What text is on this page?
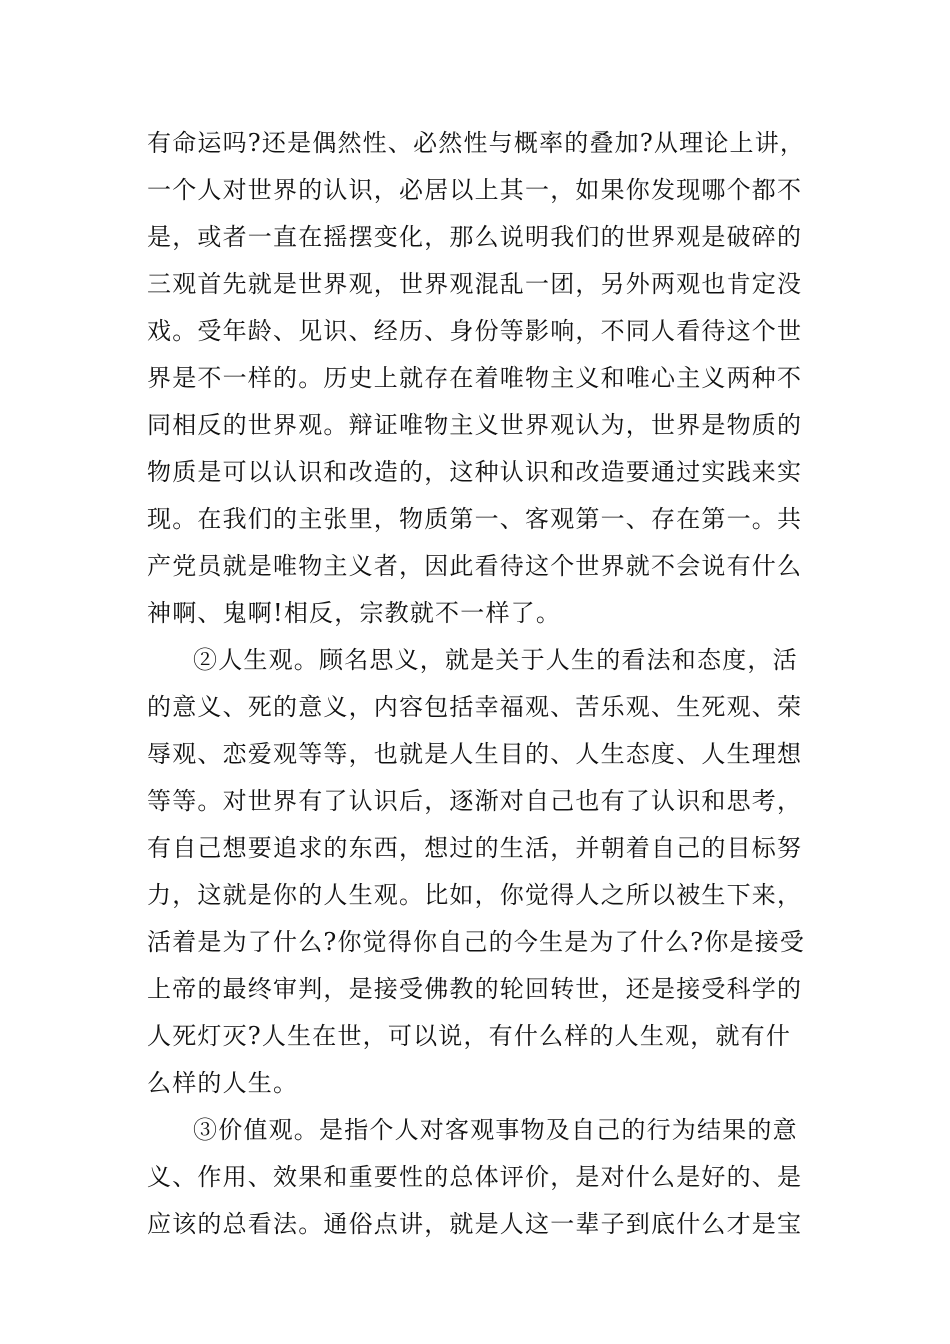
有命运吗?还是偶然性、必然性与概率的叠加?从理论上讲，
一个人对世界的认识，必居以上其一，如果你发现哪个都不
是，或者一直在摇摆变化，那么说明我们的世界观是破碎的
三观首先就是世界观，世界观混乱一团，另外两观也肯定没
戏。受年龄、见识、经历、身份等影响，不同人看待这个世
界是不一样的。历史上就存在着唯物主义和唯心主义两种不
同相反的世界观。辩证唯物主义世界观认为，世界是物质的
物质是可以认识和改造的，这种认识和改造要通过实践来实
现。在我们的主张里，物质第一、客观第一、存在第一。共
产党员就是唯物主义者，因此看待这个世界就不会说有什么
神啊、鬼啊!相反，宗教就不一样了。
②人生观。顾名思义，就是关于人生的看法和态度，活
的意义、死的意义，内容包括幸福观、苦乐观、生死观、荣
辱观、恋爱观等等，也就是人生目的、人生态度、人生理想
等等。对世界有了认识后，逐渐对自己也有了认识和思考，
有自己想要追求的东西，想过的生活，并朝着自己的目标努
力，这就是你的人生观。比如，你觉得人之所以被生下来，
活着是为了什么?你觉得你自己的今生是为了什么?你是接受
上帝的最终审判，是接受佛教的轮回转世，还是接受科学的
人死灯灭?人生在世，可以说，有什么样的人生观，就有什
么样的人生。
③价值观。是指个人对客观事物及自己的行为结果的意
义、作用、效果和重要性的总体评价，是对什么是好的、是
应该的总看法。通俗点讲，就是人这一辈子到底什么才是宝
